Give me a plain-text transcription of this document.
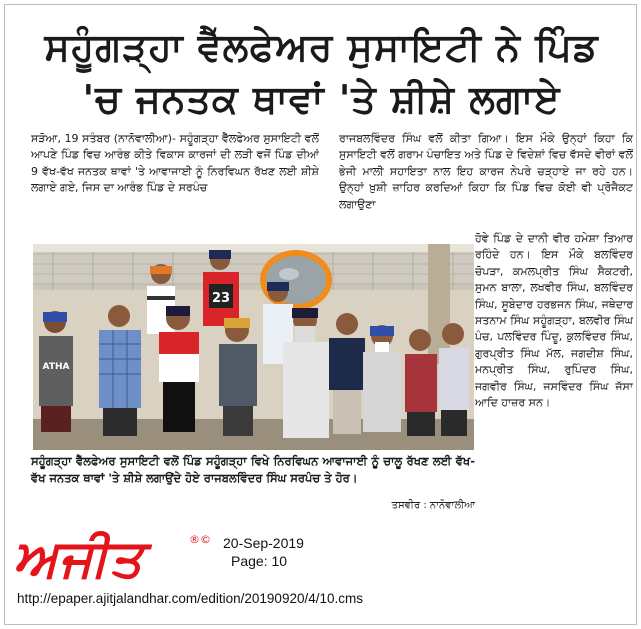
ਸਹੂੰਗੜ੍ਹਾ ਵੈੱਲਫੇਅਰ ਸੁਸਾਇਟੀ ਨੇ ਪਿੰਡ
'ਚ ਜਨਤਕ ਥਾਵਾਂ 'ਤੇ ਸ਼ੀਸ਼ੇ ਲਗਾਏ
ਸੜੋਆ, 19 ਸਤੰਬਰ (ਨਾਨੋਵਾਲੀਆ)- ਸਹੂੰਗੜ੍ਹਾ ਵੈੱਲਫੇਅਰ ਸੁਸਾਇਟੀ ਵਲੋਂ ਆਪਣੇ ਪਿੰਡ ਵਿਚ ਆਰੰਭ ਕੀਤੇ ਵਿਕਾਸ ਕਾਰਜਾਂ ਦੀ ਲੜੀ ਵਜੋਂ ਪਿੰਡ ਦੀਆਂ 9 ਵੱਖ-ਵੱਖ ਜਨਤਕ ਥਾਵਾਂ 'ਤੇ ਆਵਾਜਾਈ ਨੂੰ ਨਿਰਵਿਘਨ ਰੱਖਣ ਲਈ ਸ਼ੀਸ਼ੇ ਲਗਾਏ ਗਏ, ਜਿਸ ਦਾ ਆਰੰਭ ਪਿੰਡ ਦੇ ਸਰਪੰਚ
ਰਾਜਬਲਵਿੰਦਰ ਸਿੰਘ ਵਲੋਂ ਕੀਤਾ ਗਿਆ। ਇਸ ਮੌਕੇ ਉਨ੍ਹਾਂ ਕਿਹਾ ਕਿ ਸੁਸਾਇਟੀ ਵਲੋਂ ਗਰਾਮ ਪੰਚਾਇਤ ਅਤੇ ਪਿੰਡ ਦੇ ਵਿਦੇਸ਼ਾਂ ਵਿਚ ਵੱਸਦੇ ਵੀਰਾਂ ਵਲੋਂ ਭੇਜੀ ਮਾਲੀ ਸਹਾਇਤਾ ਨਾਲ ਇਹ ਕਾਰਜ ਨੇਪਰੇ ਚੜ੍ਹਾਏ ਜਾ ਰਹੇ ਹਨ। ਉਨ੍ਹਾਂ ਖ਼ੁਸ਼ੀ ਜ਼ਾਹਿਰ ਕਰਦਿਆਂ ਕਿਹਾ ਕਿ ਪਿੰਡ ਵਿਚ ਕੋਈ ਵੀ ਪ੍ਰੋਜੈਕਟ ਲਗਾਉਣਾ
ਹੋਵੇ ਪਿੰਡ ਦੇ ਦਾਨੀ ਵੀਰ ਹਮੇਸ਼ਾ ਤਿਆਰ ਰਹਿੰਦੇ ਹਨ। ਇਸ ਮੌਕੇ ਬਲਵਿੰਦਰ ਚੋਪੜਾ, ਕਮਲਪ੍ਰੀਤ ਸਿੰਘ ਸੈਕਟਰੀ, ਸੁਮਨ ਬਾਲਾ, ਲਖਵੀਰ ਸਿੰਘ, ਬਲਵਿੰਦਰ ਸਿੰਘ, ਸੂਬੇਦਾਰ ਹਰਭਜਨ ਸਿੰਘ, ਜਥੇਦਾਰ ਸਤਨਾਮ ਸਿੰਘ ਸਹੂੰਗੜ੍ਹਾ, ਬਲਵੀਰ ਸਿੰਘ ਪੰਚ, ਪਲਵਿੰਦਰ ਪਿੰਦੂ, ਕੁਲਵਿੰਦਰ ਸਿੰਘ, ਗੁਰਪ੍ਰੀਤ ਸਿੰਘ ਮੱਲ, ਜਗਦੀਸ਼ ਸਿੰਘ, ਮਨਪ੍ਰੀਤ ਸਿੰਘ, ਰੁਪਿੰਦਰ ਸਿੰਘ, ਜਗਵੀਰ ਸਿੰਘ, ਜਸਵਿੰਦਰ ਸਿੰਘ ਜੱਸਾ ਆਦਿ ਹਾਜ਼ਰ ਸਨ।
23
ATHA
ਸਹੂੰਗੜ੍ਹਾ ਵੈੱਲਫੇਅਰ ਸੁਸਾਇਟੀ ਵਲੋਂ ਪਿੰਡ ਸਹੂੰਗੜ੍ਹਾ ਵਿਖੇ ਨਿਰਵਿਘਨ ਆਵਾਜਾਈ ਨੂੰ ਚਾਲੂ ਰੱਖਣ ਲਈ ਵੱਖ-ਵੱਖ ਜਨਤਕ ਥਾਵਾਂ 'ਤੇ ਸ਼ੀਸ਼ੇ ਲਗਾਉਂਦੇ ਹੋਏ ਰਾਜਬਲਵਿੰਦਰ ਸਿੰਘ ਸਰਪੰਚ ਤੇ ਹੋਰ।
ਤਸਵੀਰ : ਨਾਨੋਵਾਲੀਆ
ਅਜੀਤ	®© 20-Sep-2019
Page: 10
http://epaper.ajitjalandhar.com/edition/20190920/4/10.cms
